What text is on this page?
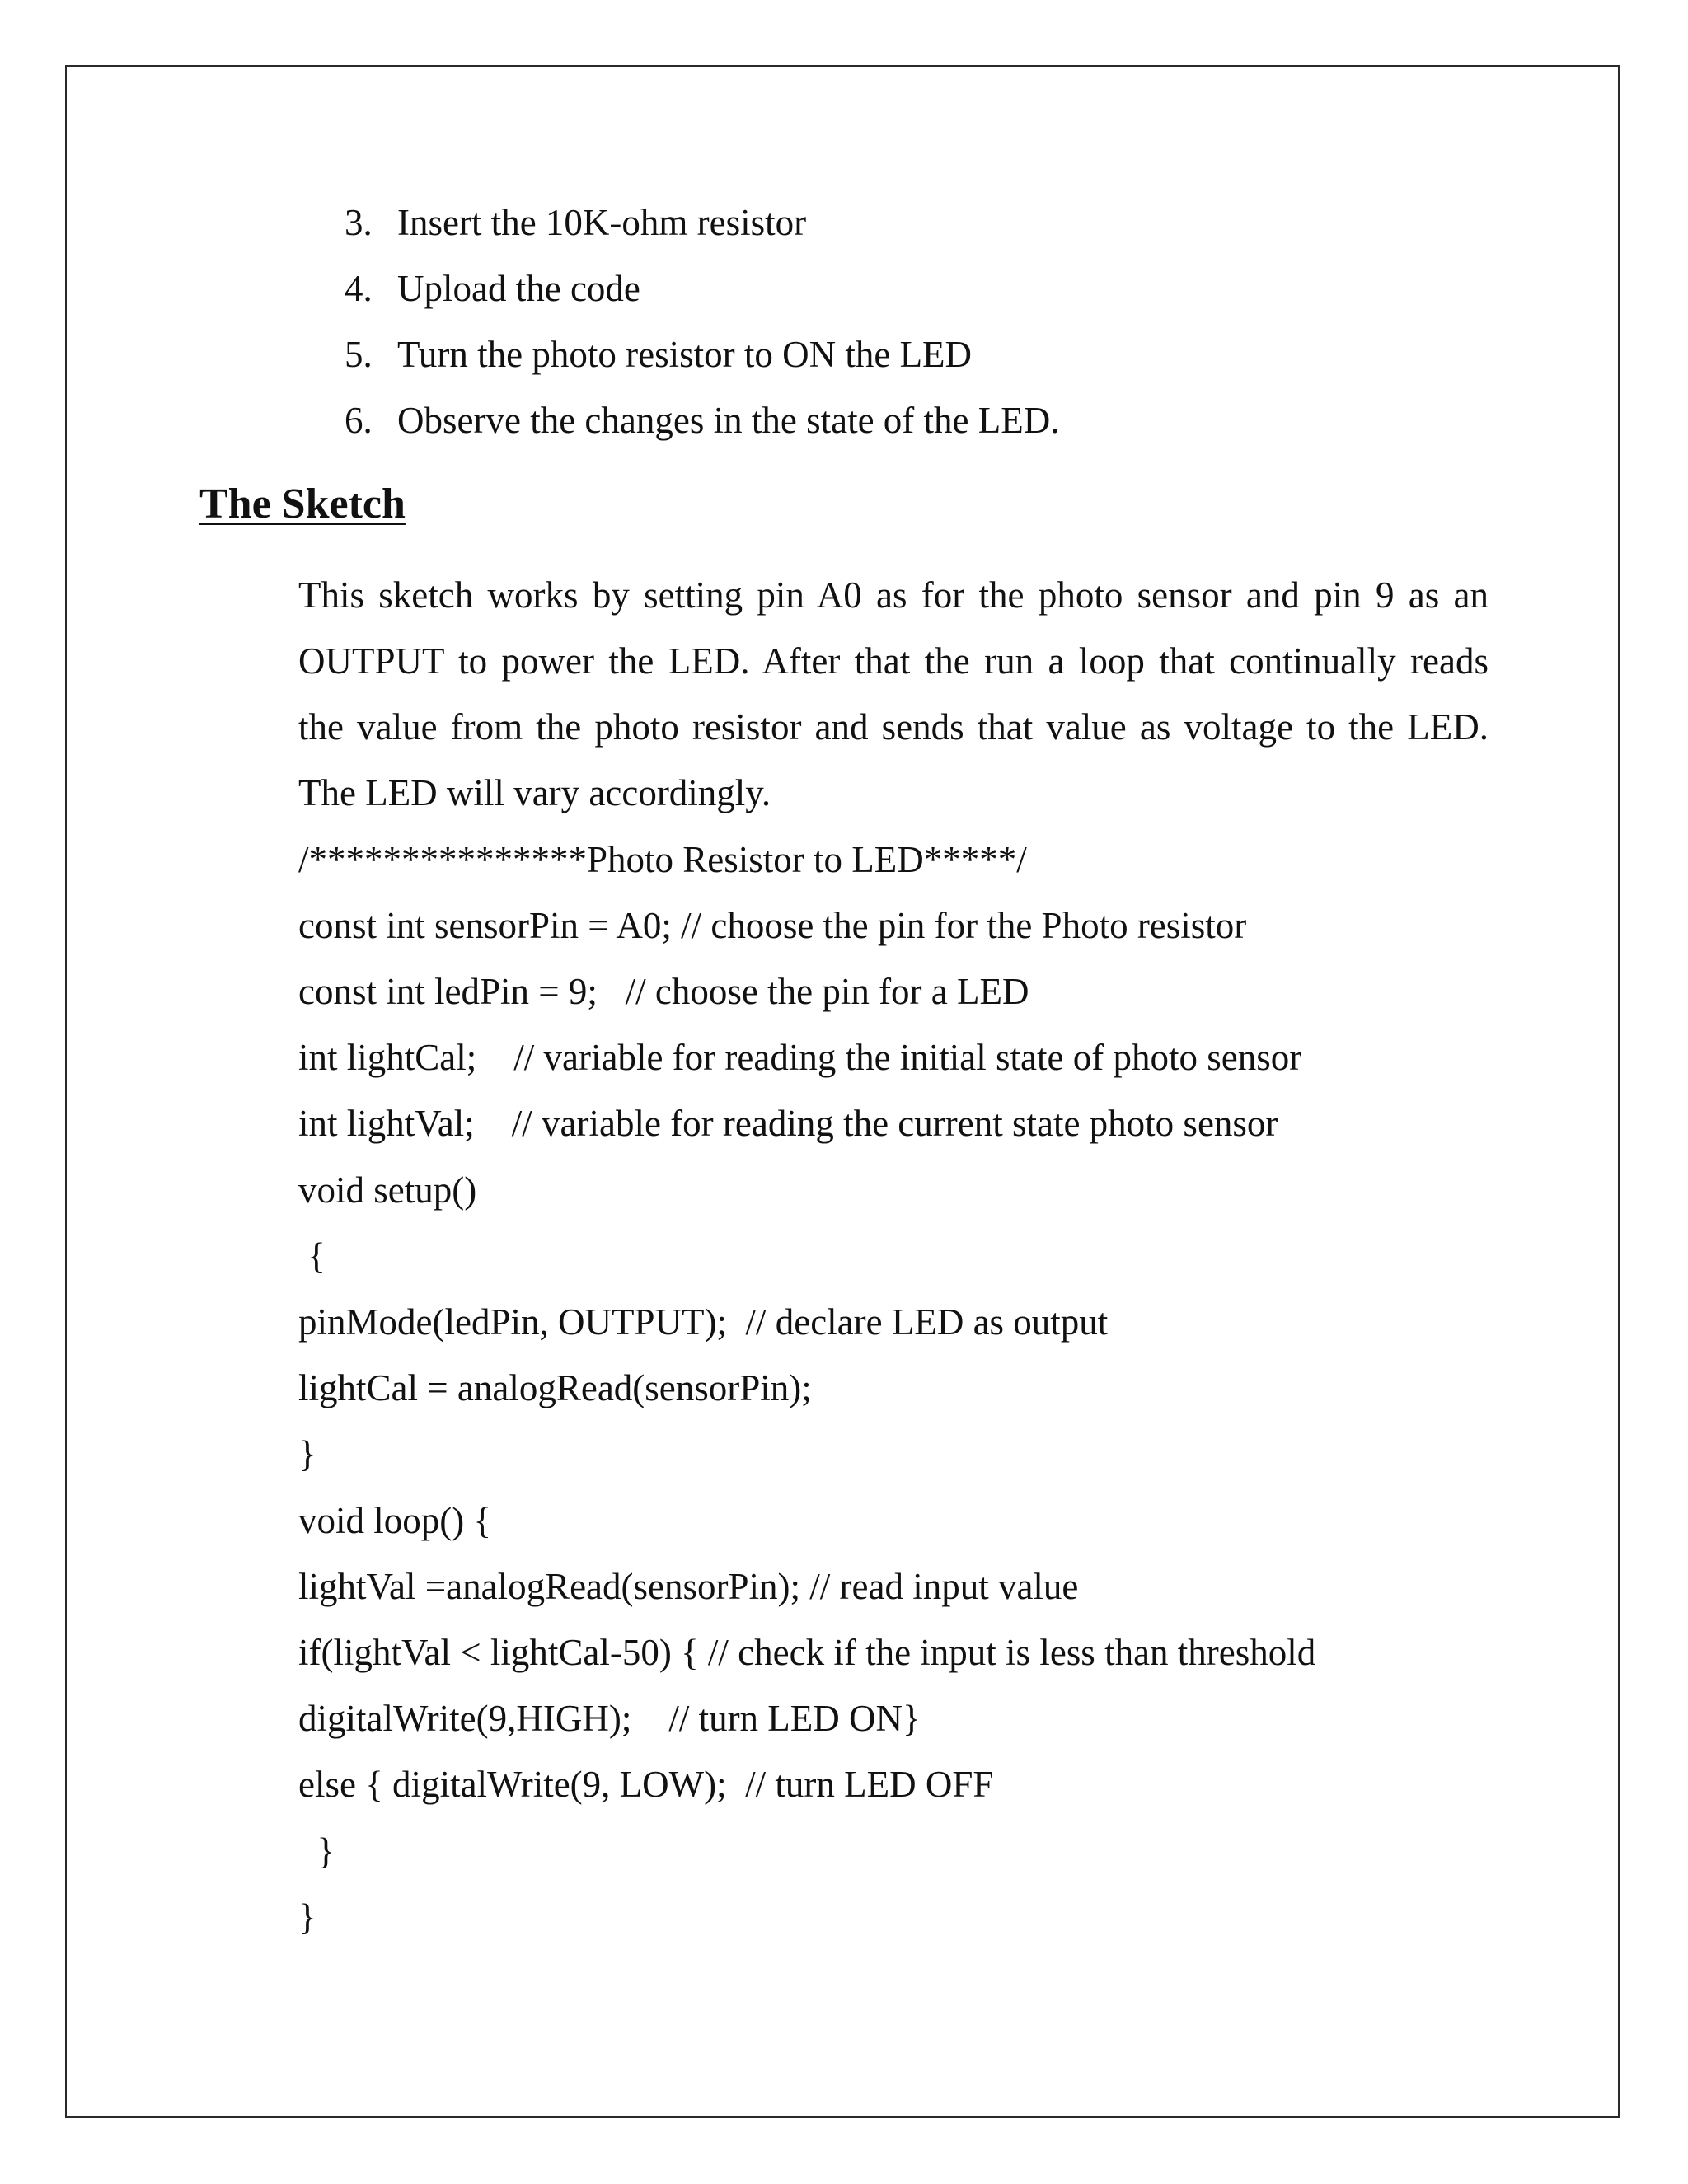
3. Insert the 10K-ohm resistor
4. Upload the code
5. Turn the photo resistor to ON the LED
6. Observe the changes in the state of the LED.
The Sketch
This sketch works by setting pin A0 as for the photo sensor and pin 9 as an
OUTPUT to power the LED. After that the run a loop that continually reads
the value from the photo resistor and sends that value as voltage to the LED.
The LED will vary accordingly.
/***************Photo Resistor to LED*****/
const int sensorPin = A0; // choose the pin for the Photo resistor
const int ledPin = 9;   // choose the pin for a LED
int lightCal;    // variable for reading the initial state of photo sensor
int lightVal;    // variable for reading the current state photo sensor
void setup()
{
pinMode(ledPin, OUTPUT);  // declare LED as output
lightCal = analogRead(sensorPin);
}
void loop() {
lightVal =analogRead(sensorPin); // read input value
if(lightVal < lightCal-50) { // check if the input is less than threshold
digitalWrite(9,HIGH);    // turn LED ON}
else { digitalWrite(9, LOW);  // turn LED OFF
}
}
